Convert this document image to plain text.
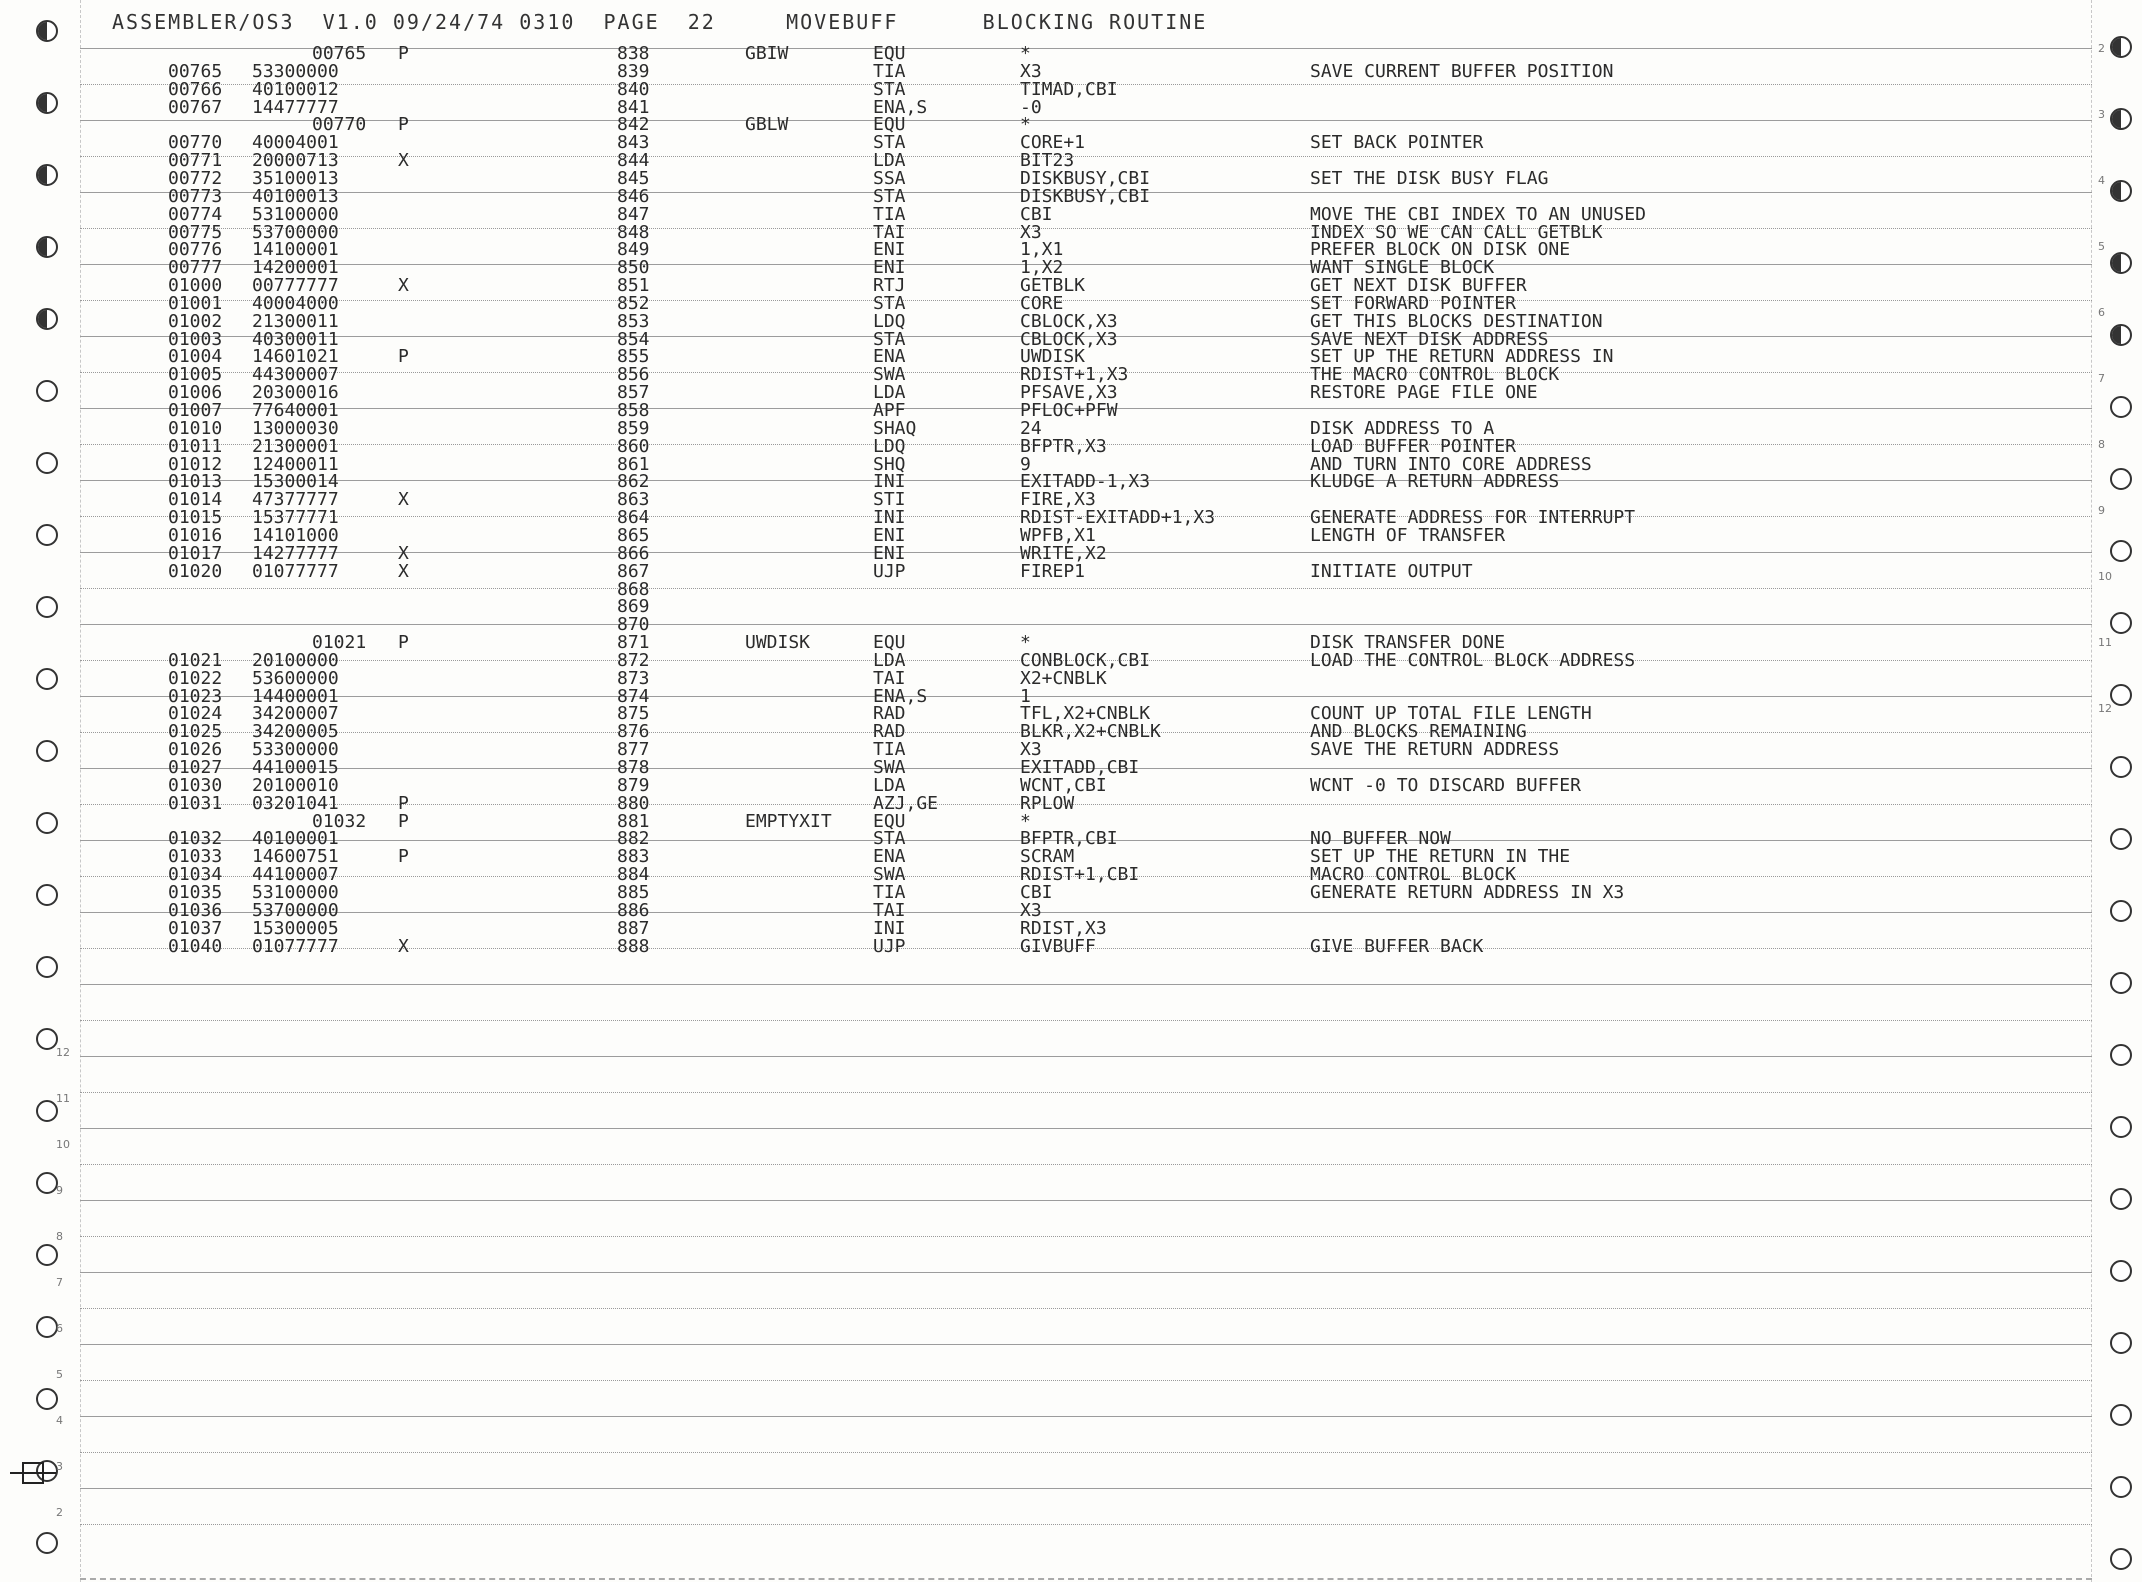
ASSEMBLER/OS3 V1.0 09/24/74 0310 PAGE 22	MOVEBUFF	BLOCKING ROUTINE
00765 P	838	GBIW	EQU	*
00765 53300000	839	TIA	X3	SAVE CURRENT BUFFER POSITION
00766 40100012	840	STA	TIMAD,CBI
00767 14477777	841	ENA,S	-0
00770 P	842	GBLW	EQU	*
00770 40004001	843	STA	CORE+1	SET BACK POINTER
00771 20000713	X	844	LDA	BIT23
00772 35100013	845	SSA	DISKBUSY,CBI	SET THE DISK BUSY FLAG
00773 40100013	846	STA	DISKBUSY,CBI
00774 53100000	847	TIA	CBI	MOVE THE CBI INDEX TO AN UNUSED
00775 53700000	848	TAI	X3	INDEX SO WE CAN CALL GETBLK
00776 14100001	849	ENI	1,X1	PREFER BLOCK ON DISK ONE
00777 14200001	850	ENI	1,X2	WANT SINGLE BLOCK
01000 00777777	X	851	RTJ	GETBLK	GET NEXT DISK BUFFER
01001 40004000	852	STA	CORE	SET FORWARD POINTER
01002 21300011	853	LDQ	CBLOCK,X3	GET THIS BLOCKS DESTINATION
01003 40300011	854	STA	CBLOCK,X3	SAVE NEXT DISK ADDRESS
01004 14601021	P	855	ENA	UWDISK	SET UP THE RETURN ADDRESS IN
01005 44300007	856	SWA	RDIST+1,X3	THE MACRO CONTROL BLOCK
01006 20300016	857	LDA	PFSAVE,X3	RESTORE PAGE FILE ONE
01007 77640001	858	APF	PFLOC+PFW
01010 13000030	859	SHAQ	24	DISK ADDRESS TO A
01011 21300001	860	LDQ	BFPTR,X3	LOAD BUFFER POINTER
01012 12400011	861	SHQ	9	AND TURN INTO CORE ADDRESS
01013 15300014	862	INI	EXITADD-1,X3	KLUDGE A RETURN ADDRESS
01014 47377777	X	863	STI	FIRE,X3
01015 15377771	864	INI	RDIST-EXITADD+1,X3	GENERATE ADDRESS FOR INTERRUPT
01016 14101000	865	ENI	WPFB,X1	LENGTH OF TRANSFER
01017 14277777	X	866	ENI	WRITE,X2
01020 01077777	X	867	UJP	FIREP1	INITIATE OUTPUT
868
869
870
01021 P	871	UWDISK	EQU	*	DISK TRANSFER DONE
01021 20100000	872	LDA	CONBLOCK,CBI	LOAD THE CONTROL BLOCK ADDRESS
01022 53600000	873	TAI	X2+CNBLK
01023 14400001	874	ENA,S	1
01024 34200007	875	RAD	TFL,X2+CNBLK	COUNT UP TOTAL FILE LENGTH
01025 34200005	876	RAD	BLKR,X2+CNBLK	AND BLOCKS REMAINING
01026 53300000	877	TIA	X3	SAVE THE RETURN ADDRESS
01027 44100015	878	SWA	EXITADD,CBI
01030 20100010	879	LDA	WCNT,CBI	WCNT -0 TO DISCARD BUFFER
01031 03201041	P	880	AZJ,GE	RPLOW
01032 P	881	EMPTYXIT EQU	*
01032 40100001	882	STA	BFPTR,CBI	NO BUFFER NOW
01033 14600751	P	883	ENA	SCRAM	SET UP THE RETURN IN THE
01034 44100007	884	SWA	RDIST+1,CBI	MACRO CONTROL BLOCK
01035 53100000	885	TIA	CBI	GENERATE RETURN ADDRESS IN X3
01036 53700000	886	TAI	X3
01037 15300005	887	INI	RDIST,X3
01040 01077777	X	888	UJP	GIVBUFF	GIVE BUFFER BACK
2
3
4
5
6
7
8
9
10
11
12
12
11
10
9
8
7
6
5
4
3
2
